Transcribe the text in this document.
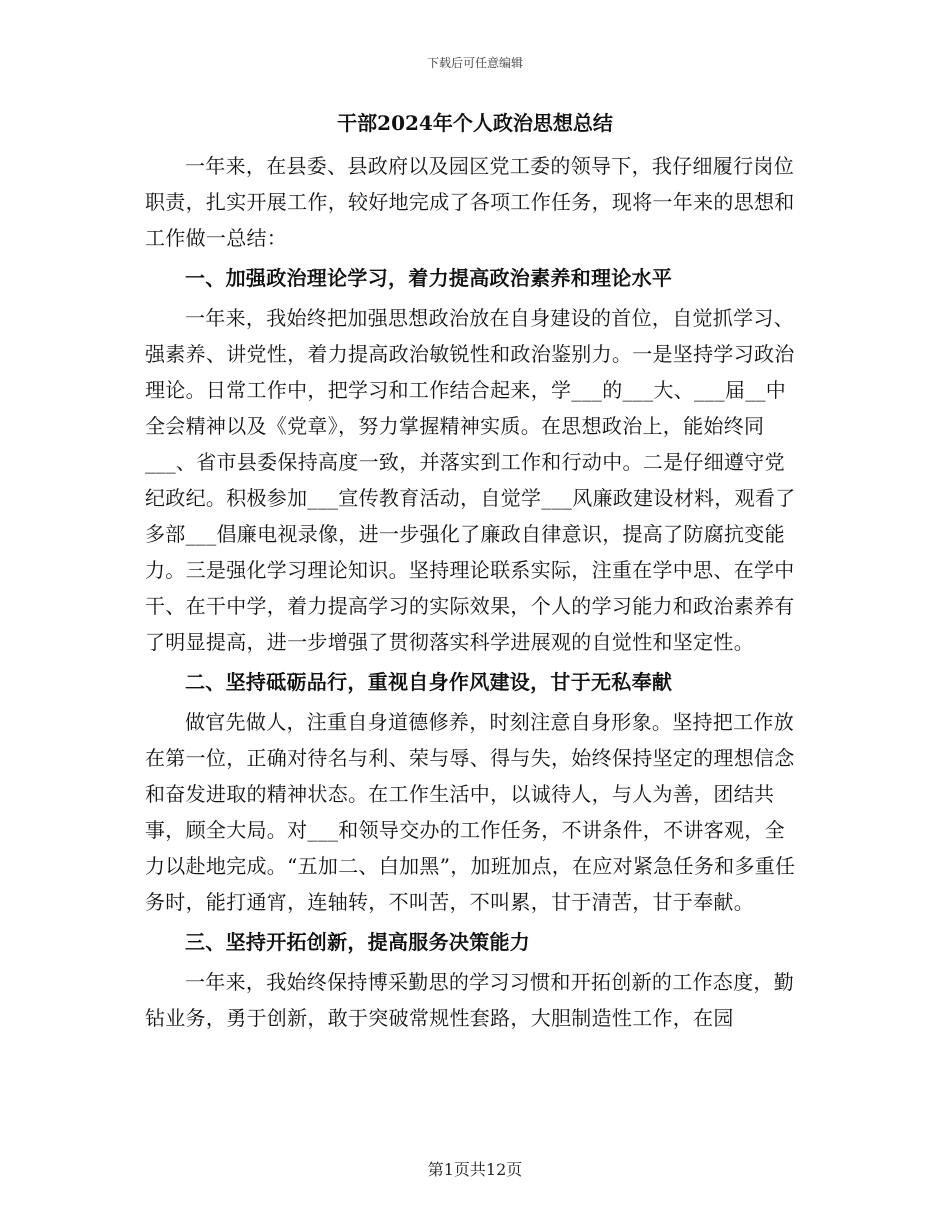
下载后可任意编辑
干部2024年个人政治思想总结

一年来，在县委、县政府以及园区党工委的领导下，我仔细履行岗位职责，扎实开展工作，较好地完成了各项工作任务，现将一年来的思想和工作做一总结：

一、加强政治理论学习，着力提高政治素养和理论水平

一年来，我始终把加强思想政治放在自身建设的首位，自觉抓学习、强素养、讲党性，着力提高政治敏锐性和政治鉴别力。一是坚持学习政治理论。日常工作中，把学习和工作结合起来，学___的___大、___届__中全会精神以及《党章》，努力掌握精神实质。在思想政治上，能始终同___、省市县委保持高度一致，并落实到工作和行动中。二是仔细遵守党纪政纪。积极参加___宣传教育活动，自觉学___风廉政建设材料，观看了多部___倡廉电视录像，进一步强化了廉政自律意识，提高了防腐抗变能力。三是强化学习理论知识。坚持理论联系实际，注重在学中思、在学中干、在干中学，着力提高学习的实际效果，个人的学习能力和政治素养有了明显提高，进一步增强了贯彻落实科学进展观的自觉性和坚定性。

二、坚持砥砺品行，重视自身作风建设，甘于无私奉献

做官先做人，注重自身道德修养，时刻注意自身形象。坚持把工作放在第一位，正确对待名与利、荣与辱、得与失，始终保持坚定的理想信念和奋发进取的精神状态。在工作生活中，以诚待人，与人为善，团结共事，顾全大局。对___和领导交办的工作任务，不讲条件，不讲客观，全力以赴地完成。“五加二、白加黑”，加班加点，在应对紧急任务和多重任务时，能打通宵，连轴转，不叫苦，不叫累，甘于清苦，甘于奉献。

三、坚持开拓创新，提高服务决策能力

一年来，我始终保持博采勤思的学习习惯和开拓创新的工作态度，勤钻业务，勇于创新，敢于突破常规性套路，大胆制造性工作，在园

第1页共12页
